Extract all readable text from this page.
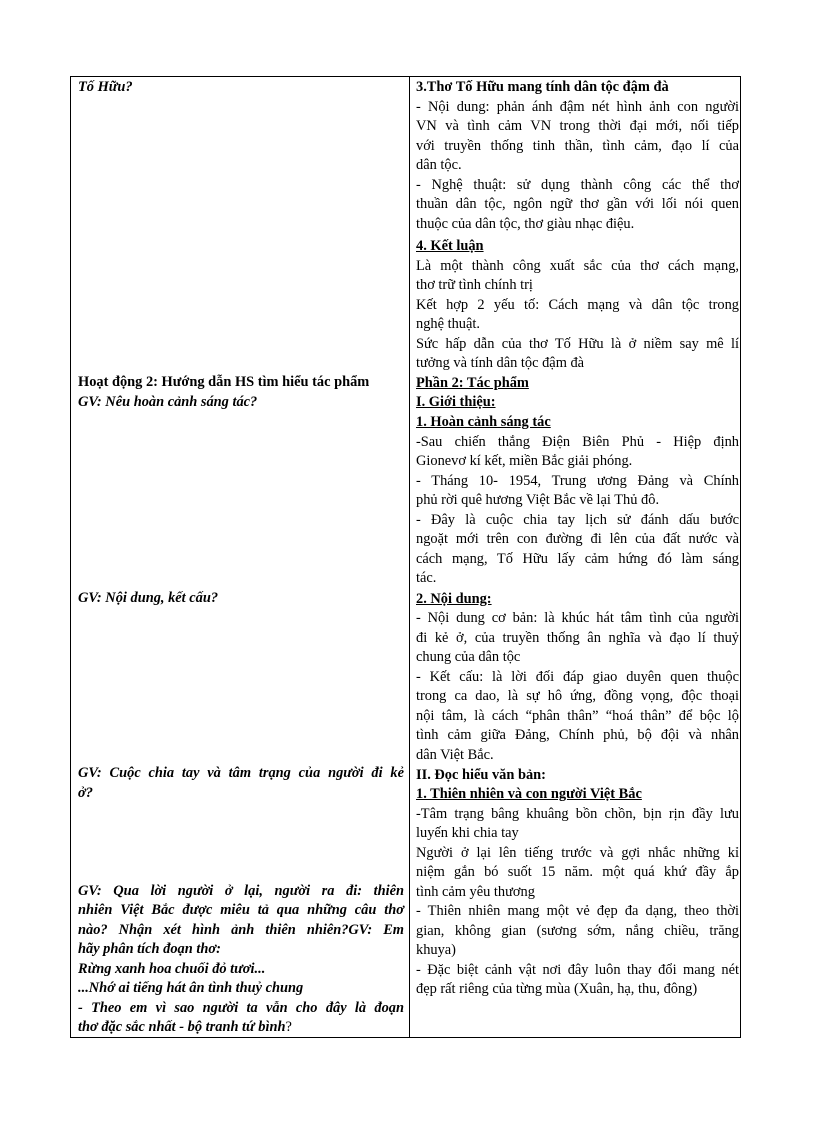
Tố Hữu?
Hoạt động 2: Hướng dẫn HS tìm hiểu tác phẩm
GV: Nêu hoàn cảnh sáng tác?
GV: Nội dung, kết cấu?
GV: Cuộc chia tay và tâm trạng của người đi kẻ
ở?
GV: Qua lời người ở lại, người ra đi: thiên
nhiên Việt Bắc được miêu tả qua những câu thơ
nào? Nhận xét hình ảnh thiên nhiên?GV: Em
hãy phân tích đoạn thơ:
Rừng xanh hoa chuối đỏ tươi...
...Nhớ ai tiếng hát ân tình thuỷ chung
- Theo em vì sao người ta vẫn cho đây là đoạn
thơ đặc sắc nhất - bộ tranh tứ bình?
3.Thơ Tố Hữu mang tính dân tộc đậm đà
- Nội dung: phản ánh đậm nét hình ảnh con người
VN và tình cảm VN trong thời đại mới, nối tiếp
với truyền thống tinh thần, tình cảm, đạo lí của
dân tộc.
- Nghệ thuật: sử dụng thành công các thể thơ
thuần dân tộc, ngôn ngữ thơ gần với lối nói quen
thuộc của dân tộc, thơ giàu nhạc điệu.
4. Kết luận
Là một thành công xuất sắc của thơ cách mạng,
thơ trữ tình chính trị
Kết hợp 2 yếu tố: Cách mạng và dân tộc trong
nghệ thuật.
Sức hấp dẫn của thơ Tố Hữu là ở niềm say mê lí
tưởng và tính dân tộc đậm đà
Phần 2: Tác phẩm
I. Giới thiệu:
1. Hoàn cảnh sáng tác
-Sau chiến thắng Điện Biên Phủ - Hiệp định
Gionevơ kí kết, miền Bắc giải phóng.
- Tháng 10- 1954, Trung ương Đảng và Chính
phủ rời quê hương Việt Bắc về lại Thủ đô.
- Đây là cuộc chia tay lịch sử đánh dấu bước
ngoặt mới trên con đường đi lên của đất nước và
cách mạng, Tố Hữu lấy cảm hứng đó làm sáng
tác.
2. Nội dung:
- Nội dung cơ bản: là khúc hát tâm tình của người
đi kẻ ở, của truyền thống ân nghĩa và đạo lí thuỷ
chung của dân tộc
- Kết cấu: là lời đối đáp giao duyên quen thuộc
trong ca dao, là sự hô ứng, đồng vọng, độc thoại
nội tâm, là cách “phân thân” “hoá thân” để bộc lộ
tình cảm giữa Đảng, Chính phủ, bộ đội và nhân
dân Việt Bắc.
II. Đọc hiểu văn bản:
1. Thiên nhiên và con người Việt Bắc
-Tâm trạng bâng khuâng bồn chồn, bịn rịn đầy lưu
luyến khi chia tay
Người ở lại lên tiếng trước và gợi nhắc những kỉ
niệm gắn bó suốt 15 năm. một quá khứ đầy ắp
tình cảm yêu thương
- Thiên nhiên mang một vẻ đẹp đa dạng, theo thời
gian, không gian (sương sớm, nắng chiều, trăng
khuya)
- Đặc biệt cảnh vật nơi đây luôn thay đổi mang nét
đẹp rất riêng của từng mùa (Xuân, hạ, thu, đông)
